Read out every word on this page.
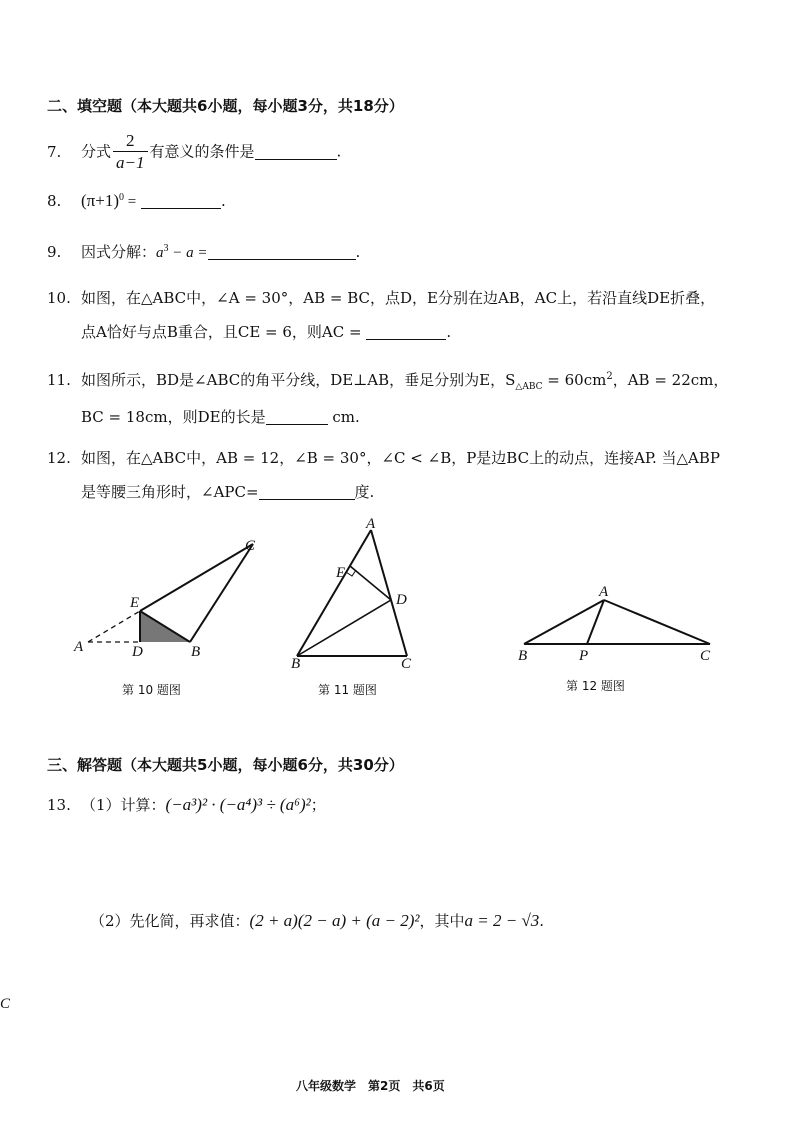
二、填空题（本大题共6小题，每小题3分，共18分）
7. 分式 $\frac{2}{a-1}$ 有意义的条件是	.
8. $(\pi+1)^0$ =	.
9. 因式分解：$a^3 - a$ =	.
10. 如图，在△ABC中，∠A = 30°，AB = BC，点D，E分别在边AB，AC上，若沿直线DE折叠，
点A恰好与点B重合，且CE = 6，则AC =	.
11. 如图所示，BD是∠ABC的角平分线，DE⊥AB，垂足分别为E，$S_{\triangle ABC} = 60cm^2$，AB = 22cm，
BC = 18cm，则DE的长是	cm.
12. 如图，在△ABC中，AB = 12，∠B = 30°，∠C < ∠B，P是边BC上的动点，连接AP. 当△ABP
是等腰三角形时，∠APC=	度.
C
E
A	D	B
第 10 题图
A
E
D
B	C
第 11 题图
A
B	P	C
第 12 题图
三、解答题（本大题共5小题，每小题6分，共30分）
13. （1）计算：(−a³)² · (−a⁴)³ ÷ (a⁶)²；
（2）先化简，再求值：(2 + a)(2 − a) + (a − 2)²，其中a = 2 − √3.
C
八年级数学　第2页　共6页
